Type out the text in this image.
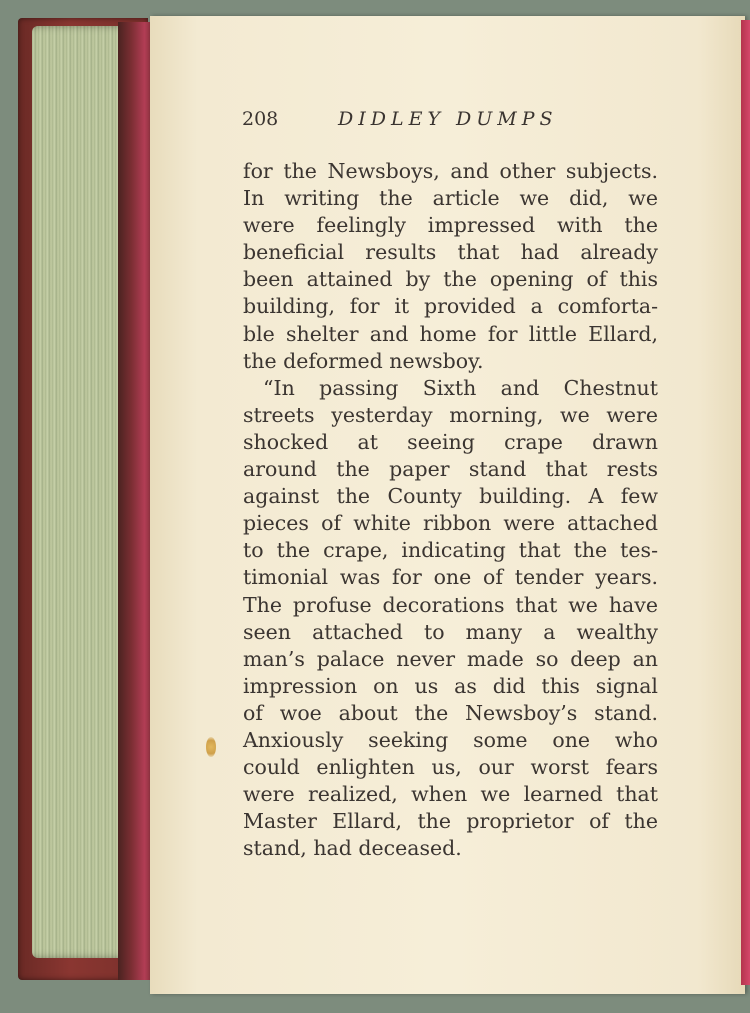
208	DIDLEY DUMPS
for the Newsboys, and other subjects.
In writing the article we did, we
were feelingly impressed with the
beneficial results that had already
been attained by the opening of this
building, for it provided a comforta-
ble shelter and home for little Ellard,
the deformed newsboy.
“In passing Sixth and Chestnut
streets yesterday morning, we were
shocked at seeing crape drawn
around the paper stand that rests
against the County building. A few
pieces of white ribbon were attached
to the crape, indicating that the tes-
timonial was for one of tender years.
The profuse decorations that we have
seen attached to many a wealthy
man’s palace never made so deep an
impression on us as did this signal
of woe about the Newsboy’s stand.
Anxiously seeking some one who
could enlighten us, our worst fears
were realized, when we learned that
Master Ellard, the proprietor of the
stand, had deceased.
